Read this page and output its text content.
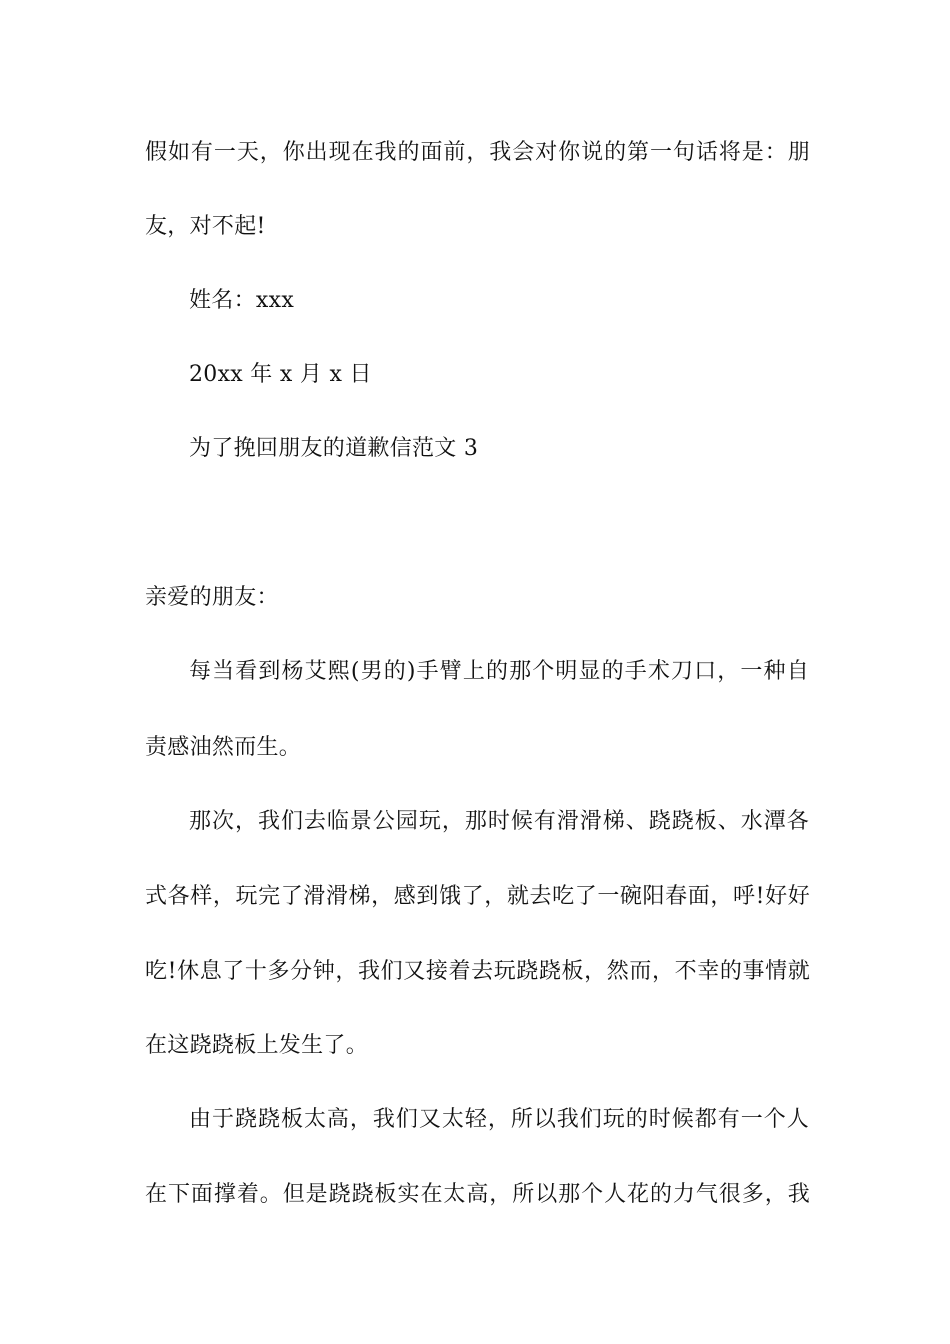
假如有一天，你出现在我的面前，我会对你说的第一句话将是：朋
友，对不起!
姓名：xxx
20xx 年 x 月 x 日
为了挽回朋友的道歉信范文 3
亲爱的朋友：
每当看到杨艾熙(男的)手臂上的那个明显的手术刀口，一种自
责感油然而生。
那次，我们去临景公园玩，那时候有滑滑梯、跷跷板、水潭各
式各样，玩完了滑滑梯，感到饿了，就去吃了一碗阳春面，呼!好好
吃!休息了十多分钟，我们又接着去玩跷跷板，然而，不幸的事情就
在这跷跷板上发生了。
由于跷跷板太高，我们又太轻，所以我们玩的时候都有一个人
在下面撑着。但是跷跷板实在太高，所以那个人花的力气很多，我
